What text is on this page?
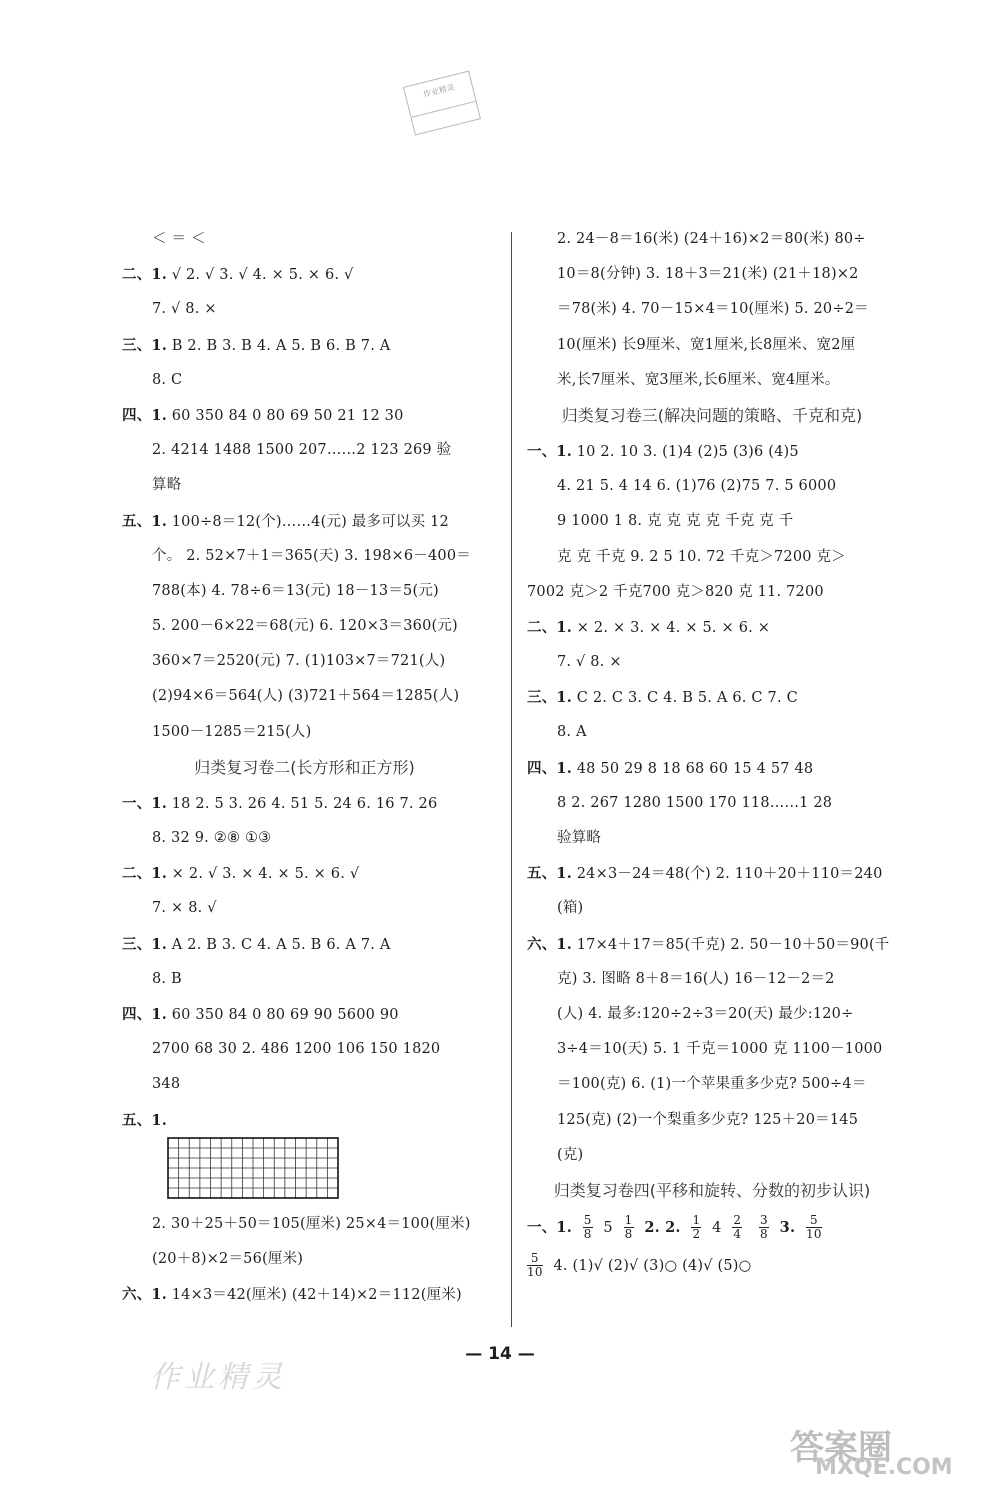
作业精灵
＜ ＝ ＜
二、1. √ 2. √ 3. √ 4. × 5. × 6. √
7. √ 8. ×
三、1. B 2. B 3. B 4. A 5. B 6. B 7. A
8. C
四、1. 60 350 84 0 80 69 50 21 12 30
2. 4214 1488 1500 207……2 123 269 验
算略
五、1. 100÷8＝12(个)……4(元) 最多可以买 12
个。 2. 52×7＋1＝365(天) 3. 198×6－400＝
788(本) 4. 78÷6＝13(元) 18－13＝5(元)
5. 200－6×22＝68(元) 6. 120×3＝360(元)
360×7＝2520(元) 7. (1)103×7＝721(人)
(2)94×6＝564(人) (3)721＋564＝1285(人)
1500－1285＝215(人)
归类复习卷二(长方形和正方形)
一、1. 18 2. 5 3. 26 4. 51 5. 24 6. 16 7. 26
8. 32 9. ②⑧ ①③
二、1. × 2. √ 3. × 4. × 5. × 6. √
7. × 8. √
三、1. A 2. B 3. C 4. A 5. B 6. A 7. A
8. B
四、1. 60 350 84 0 80 69 90 5600 90
2700 68 30 2. 486 1200 106 150 1820
348
五、1.
2. 30＋25＋50＝105(厘米) 25×4＝100(厘米)
(20＋8)×2＝56(厘米)
六、1. 14×3＝42(厘米) (42＋14)×2＝112(厘米)
2. 24－8＝16(米) (24＋16)×2＝80(米) 80÷
10＝8(分钟) 3. 18＋3＝21(米) (21＋18)×2
＝78(米) 4. 70－15×4＝10(厘米) 5. 20÷2＝
10(厘米) 长9厘米、宽1厘米,长8厘米、宽2厘
米,长7厘米、宽3厘米,长6厘米、宽4厘米。
归类复习卷三(解决问题的策略、千克和克)
一、1. 10 2. 10 3. (1)4 (2)5 (3)6 (4)5
4. 21 5. 4 14 6. (1)76 (2)75 7. 5 6000
9 1000 1 8. 克 克 克 克 千克 克 千
克 克 千克 9. 2 5 10. 72 千克＞7200 克＞
7002 克＞2 千克700 克＞820 克 11. 7200
二、1. × 2. × 3. × 4. × 5. × 6. ×
7. √ 8. ×
三、1. C 2. C 3. C 4. B 5. A 6. C 7. C
8. A
四、1. 48 50 29 8 18 68 60 15 4 57 48
8 2. 267 1280 1500 170 118……1 28
验算略
五、1. 24×3－24＝48(个) 2. 110＋20＋110＝240
(箱)
六、1. 17×4＋17＝85(千克) 2. 50－10＋50＝90(千
克) 3. 图略 8＋8＝16(人) 16－12－2＝2
(人) 4. 最多:120÷2÷3＝20(天) 最少:120÷
3÷4＝10(天) 5. 1 千克＝1000 克 1100－1000
＝100(克) 6. (1)一个苹果重多少克? 500÷4＝
125(克) (2)一个梨重多少克? 125＋20＝145
(克)
归类复习卷四(平移和旋转、分数的初步认识)
一、1. $\frac{5}{8} 5 \frac{1}{8} 2$. 2. $\frac{1}{2} 4 \frac{2}{4}$
$\frac{3}{8} 3$. $\frac{5}{10}$
$\frac{5}{10} 4$. (1)√ (2)√ (3)○ (4)√ (5)○
— 14 —
作业精灵
答案圈
MXQE.COM
